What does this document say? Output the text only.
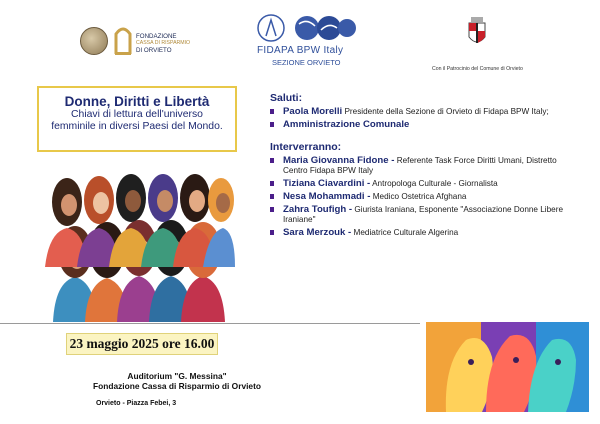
FONDAZIONE
CASSA DI RISPARMIO
DI ORVIETO	FIDAPA BPW Italy
SEZIONE ORVIETO
Con il Patrocinio del Comune di Orvieto
Donne, Diritti e Libertà
Chiavi di lettura dell'universo
femminile in diversi Paesi del Mondo.
Saluti:
Paola Morelli Presidente della Sezione di Orvieto di Fidapa BPW Italy;
Amministrazione Comunale
Interverranno:
Maria Giovanna Fidone - Referente Task Force Diritti Umani, Distretto Centro Fidapa BPW Italy
Tiziana Ciavardini - Antropologa Culturale - Giornalista
Nesa Mohammadi - Medico Ostetrica Afghana
Zahra Toufigh - Giurista Iraniana, Esponente "Associazione Donne Libere Iraniane"
Sara Merzouk - Mediatrice Culturale Algerina
23 maggio 2025 ore 16.00
Auditorium "G. Messina"
Fondazione Cassa di Risparmio di Orvieto
Orvieto - Piazza Febei, 3
